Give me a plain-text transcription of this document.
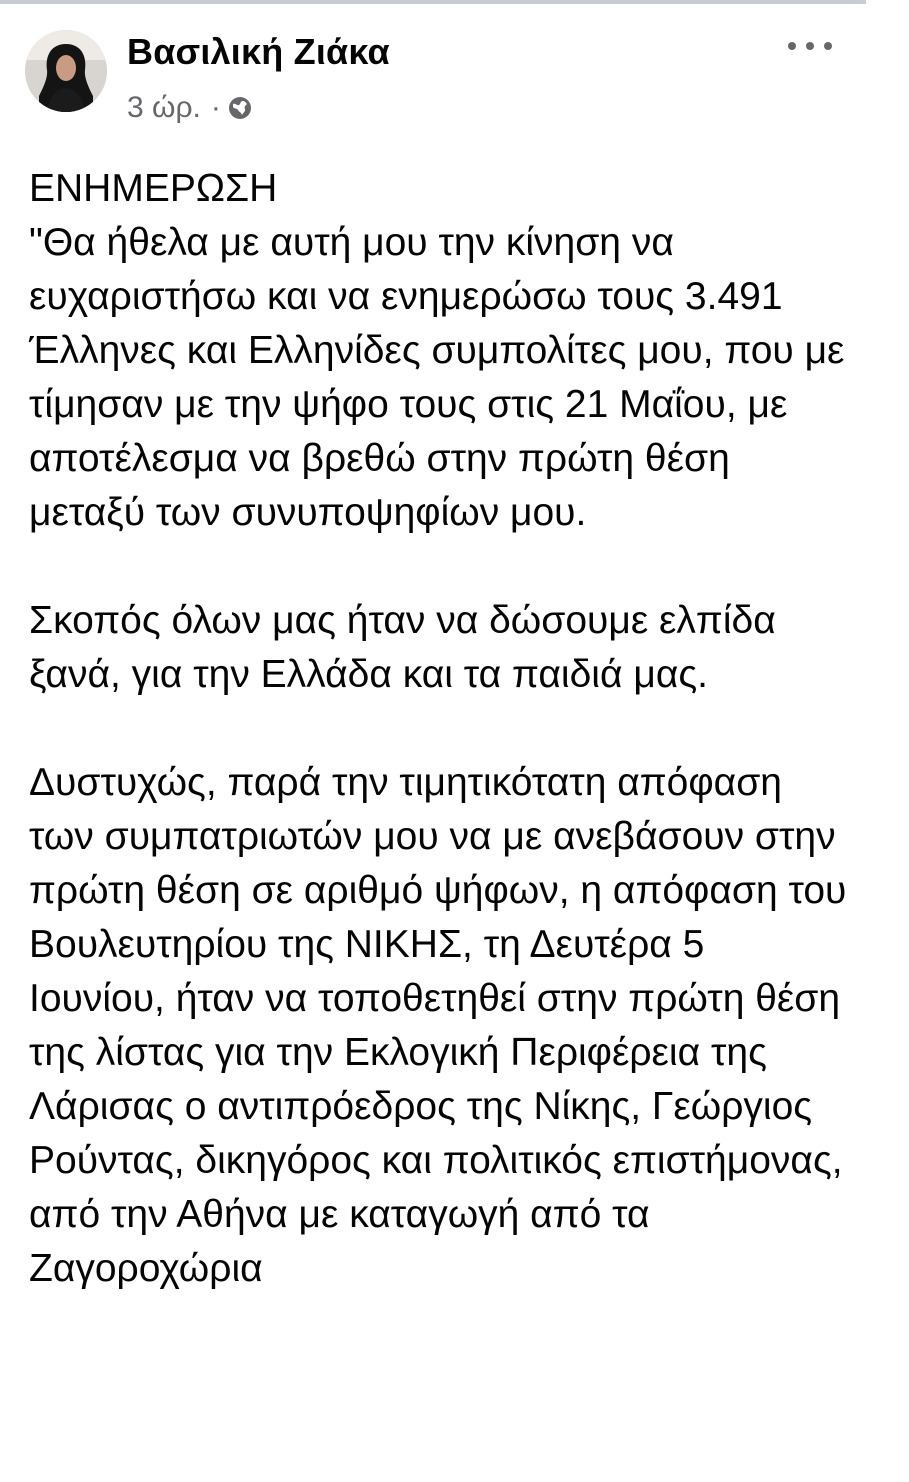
Βασιλική Ζιάκα
3 ώρ. ·

ΕΝΗΜΕΡΩΣΗ
"Θα ήθελα με αυτή μου την κίνηση να ευχαριστήσω και να ενημερώσω τους 3.491 Έλληνες και Ελληνίδες συμπολίτες μου, που με τίμησαν με την ψήφο τους στις 21 Μαΐου, με αποτέλεσμα να βρεθώ στην πρώτη θέση μεταξύ των συνυποψηφίων μου.

Σκοπός όλων μας ήταν να δώσουμε ελπίδα ξανά, για την Ελλάδα και τα παιδιά μας.

Δυστυχώς, παρά την τιμητικότατη απόφαση των συμπατριωτών μου να με ανεβάσουν στην πρώτη θέση σε αριθμό ψήφων, η απόφαση του Βουλευτηρίου της ΝΙΚΗΣ, τη Δευτέρα 5 Ιουνίου, ήταν να τοποθετηθεί στην πρώτη θέση της λίστας για την Εκλογική Περιφέρεια της Λάρισας ο αντιπρόεδρος της Νίκης, Γεώργιος Ρούντας, δικηγόρος και πολιτικός επιστήμονας, από την Αθήνα με καταγωγή από τα Ζαγοροχώρια
